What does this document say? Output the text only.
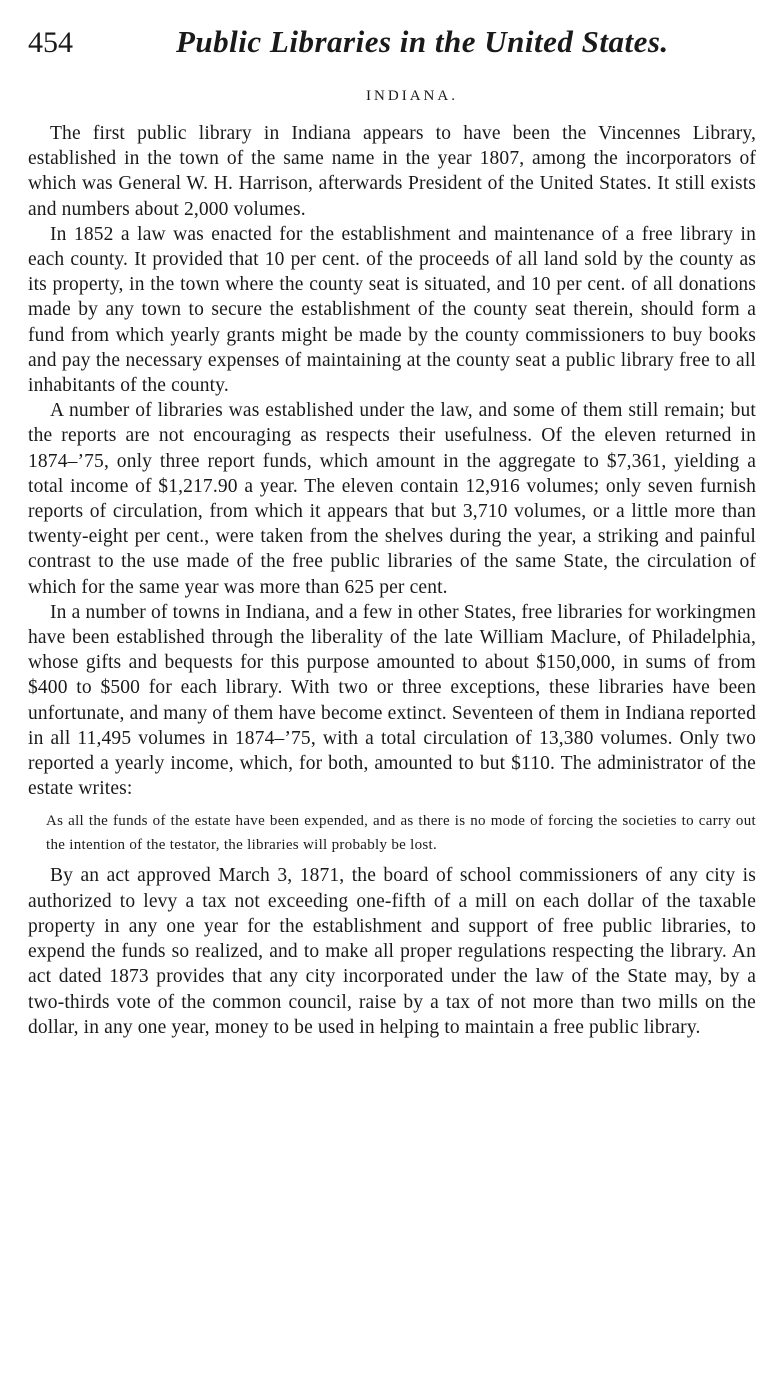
454	Public Libraries in the United States.
INDIANA.

The first public library in Indiana appears to have been the Vincennes Library, established in the town of the same name in the year 1807, among the incorporators of which was General W. H. Harrison, afterwards President of the United States. It still exists and numbers about 2,000 volumes.

In 1852 a law was enacted for the establishment and maintenance of a free library in each county. It provided that 10 per cent. of the proceeds of all land sold by the county as its property, in the town where the county seat is situated, and 10 per cent. of all donations made by any town to secure the establishment of the county seat therein, should form a fund from which yearly grants might be made by the county commissioners to buy books and pay the necessary expenses of maintaining at the county seat a public library free to all inhabitants of the county.

A number of libraries was established under the law, and some of them still remain; but the reports are not encouraging as respects their usefulness. Of the eleven returned in 1874–’75, only three report funds, which amount in the aggregate to $7,361, yielding a total income of $1,217.90 a year. The eleven contain 12,916 volumes; only seven furnish reports of circulation, from which it appears that but 3,710 volumes, or a little more than twenty-eight per cent., were taken from the shelves during the year, a striking and painful contrast to the use made of the free public libraries of the same State, the circulation of which for the same year was more than 625 per cent.

In a number of towns in Indiana, and a few in other States, free libraries for workingmen have been established through the liberality of the late William Maclure, of Philadelphia, whose gifts and bequests for this purpose amounted to about $150,000, in sums of from $400 to $500 for each library. With two or three exceptions, these libraries have been unfortunate, and many of them have become extinct. Seventeen of them in Indiana reported in all 11,495 volumes in 1874–’75, with a total circulation of 13,380 volumes. Only two reported a yearly income, which, for both, amounted to but $110. The administrator of the estate writes:

As all the funds of the estate have been expended, and as there is no mode of forcing the societies to carry out the intention of the testator, the libraries will probably be lost.

By an act approved March 3, 1871, the board of school commissioners of any city is authorized to levy a tax not exceeding one-fifth of a mill on each dollar of the taxable property in any one year for the establishment and support of free public libraries, to expend the funds so realized, and to make all proper regulations respecting the library. An act dated 1873 provides that any city incorporated under the law of the State may, by a two-thirds vote of the common council, raise by a tax of not more than two mills on the dollar, in any one year, money to be used in helping to maintain a free public library.
